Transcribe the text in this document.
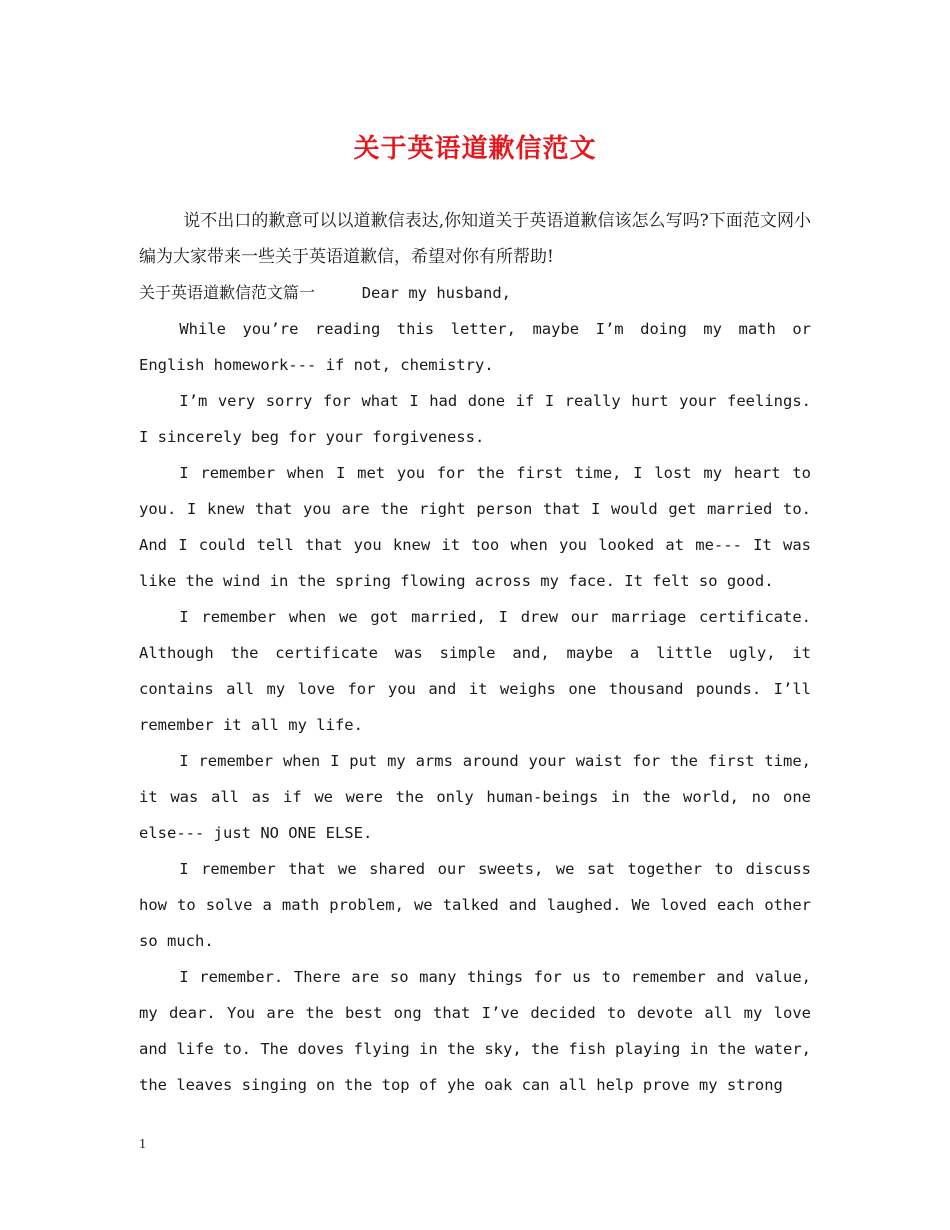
关于英语道歉信范文

说不出口的歉意可以以道歉信表达,你知道关于英语道歉信该怎么写吗?下面范文网小编为大家带来一些关于英语道歉信，希望对你有所帮助!

关于英语道歉信范文篇一	Dear my husband,

While you’re reading this letter, maybe I’m doing my math or English homework--- if not, chemistry.

I’m very sorry for what I had done if I really hurt your feelings. I sincerely beg for your forgiveness.

I remember when I met you for the first time, I lost my heart to you. I knew that you are the right person that I would get married to. And I could tell that you knew it too when you looked at me--- It was like the wind in the spring flowing across my face. It felt so good.

I remember when we got married, I drew our marriage certificate. Although the certificate was simple and, maybe a little ugly, it contains all my love for you and it weighs one thousand pounds. I’ll remember it all my life.

I remember when I put my arms around your waist for the first time, it was all as if we were the only human-beings in the world, no one else--- just NO ONE ELSE.

I remember that we shared our sweets, we sat together to discuss how to solve a math problem, we talked and laughed. We loved each other so much.

I remember. There are so many things for us to remember and value, my dear. You are the best ong that I’ve decided to devote all my love and life to. The doves flying in the sky, the fish playing in the water, the leaves singing on the top of yhe oak can all help prove my strong

1
